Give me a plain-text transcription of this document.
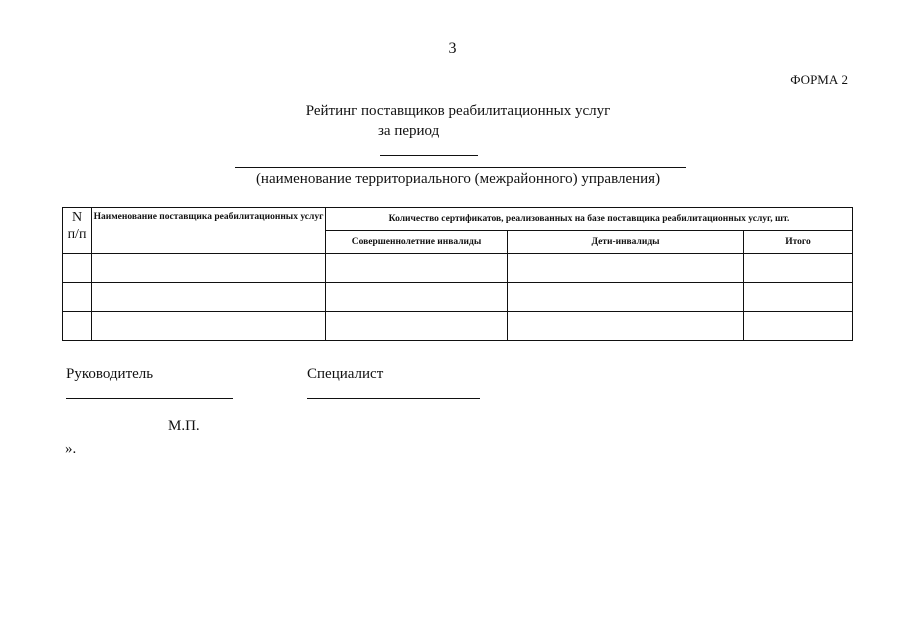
3
ФОРМА 2
Рейтинг поставщиков реабилитационных услуг
за период
(наименование территориального (межрайонного) управления)
N
п/п	Наименование поставщика реабилитационных услуг	Количество сертификатов, реализованных на базе поставщика реабилитационных услуг, шт.		
		Совершеннолетние инвалиды	Дети-инвалиды	Итого

Руководитель	Специалист
М.П.
».
